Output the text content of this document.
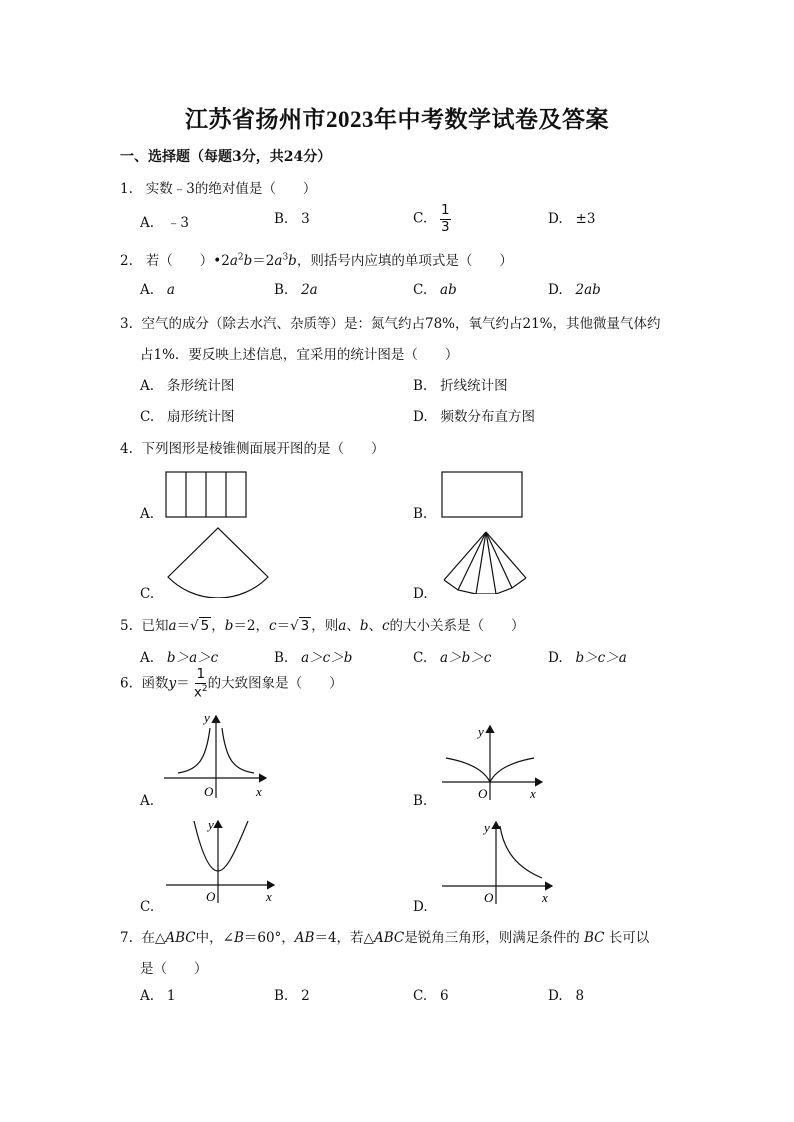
江苏省扬州市2023年中考数学试卷及答案
一、选择题（每题3分，共24分）
1. 实数﹣3的绝对值是（　　）
A. ﹣3	B. 3	C. $\frac{1}{3}$	D. ±3
2. 若（　　）$•2a^2b=2a^3b$，则括号内应填的单项式是（　　）
A. a	B. 2a	C. ab	D. 2ab
3. 空气的成分（除去水汽、杂质等）是：氮气约占78%，氧气约占21%，其他微量气体约
占1%．要反映上述信息，宜采用的统计图是（　　）
A. 条形统计图	B. 折线统计图
C. 扇形统计图	D. 频数分布直方图
4. 下列图形是棱锥侧面展开图的是（　　）
A.	B.
C.	D.
5. 已知a＝√ 5 ，b＝2，c＝√ 3 ，则a、b、c的大小关系是（　　）
A. b＞a＞c	B. a＞c＞b	C. a＞b＞c	D. b＞c＞a
6. 函数$y= \frac{1}{x^2}$ 的大致图象是（　　）
A.
y
x
O
B.
y
x
O
C.
y
x
O
D.
y
x
O
7. 在△ABC中，∠B＝60°，AB＝4，若△ABC是锐角三角形，则满足条件的 BC 长可以
是（　　）
A. 1	B. 2	C. 6	D. 8
